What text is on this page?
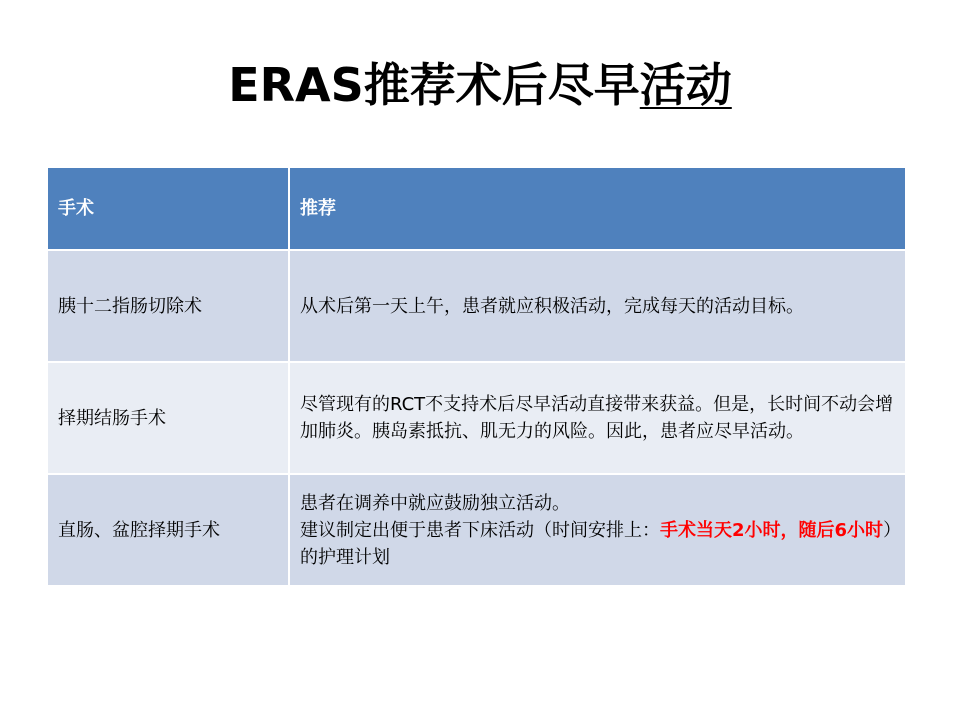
ERAS推荐术后尽早活动
手术	推荐
胰十二指肠切除术	从术后第一天上午，患者就应积极活动，完成每天的活动目标。
择期结肠手术
尽管现有的RCT不支持术后尽早活动直接带来获益。但是，长时间不动会增加肺炎。胰岛素抵抗、肌无力的风险。因此，患者应尽早活动。
直肠、盆腔择期手术
患者在调养中就应鼓励独立活动。
建议制定出便于患者下床活动（时间安排上：手术当天2小时，随后6小时）的护理计划
